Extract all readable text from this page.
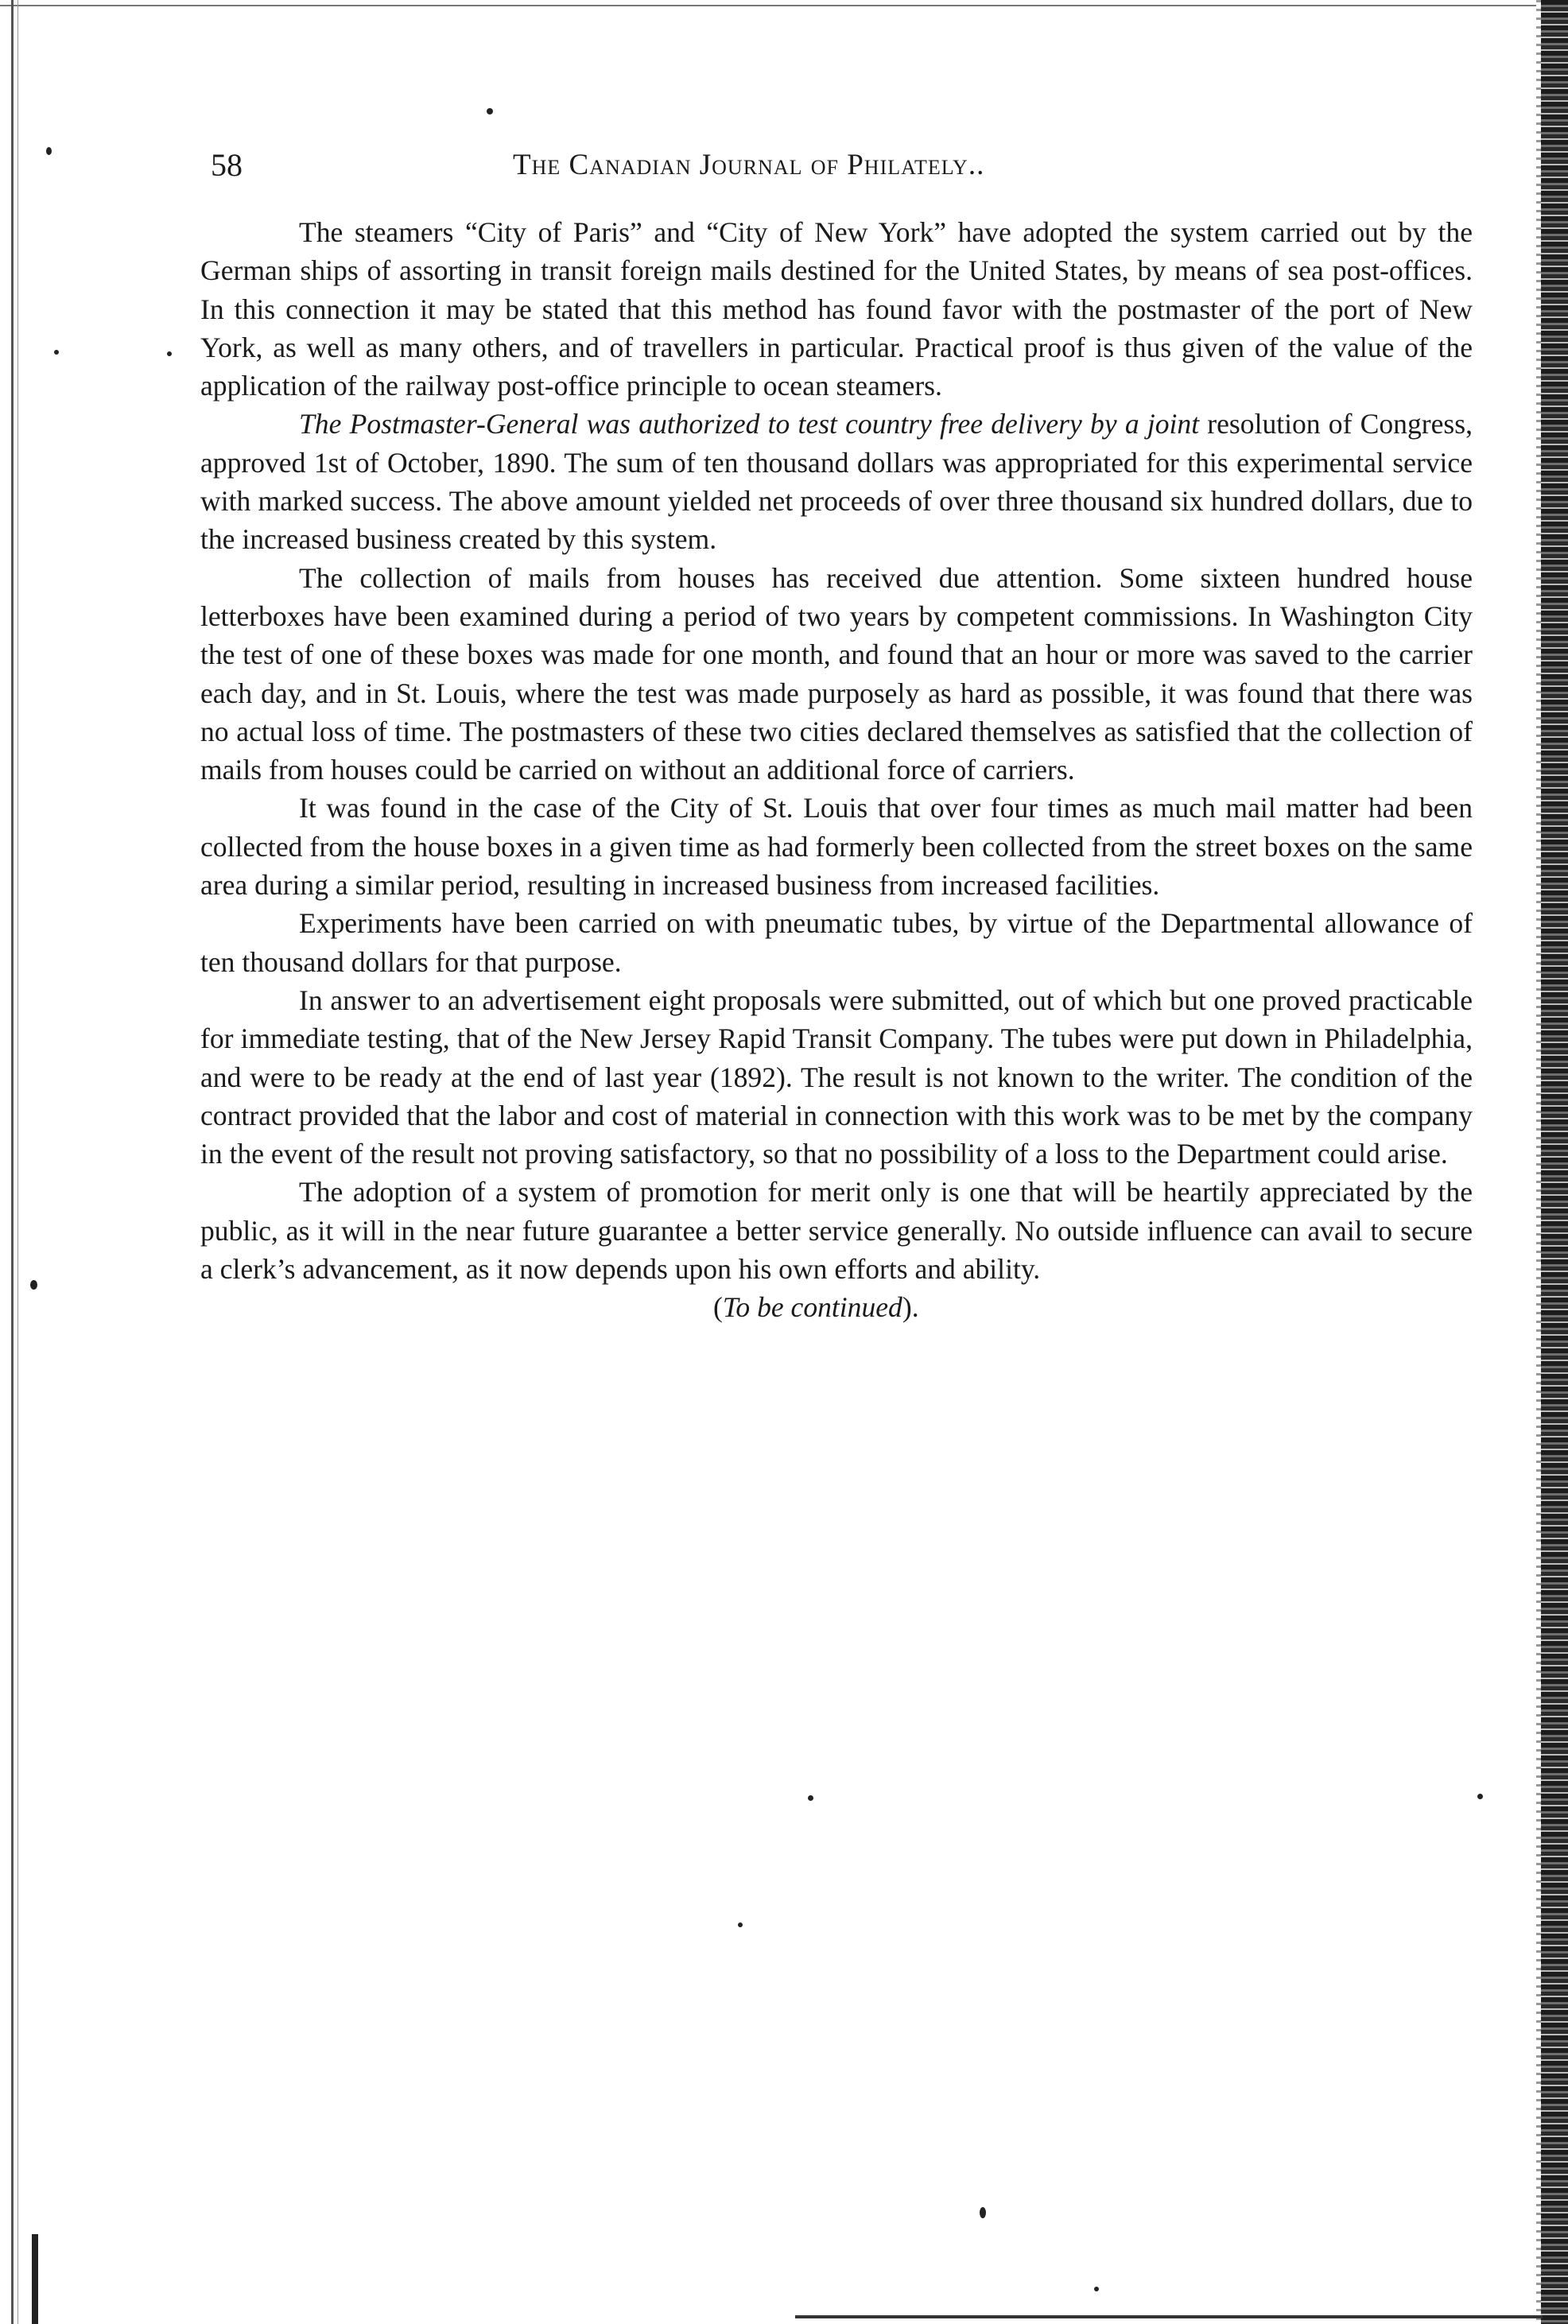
58	The Canadian Journal of Philately..

The steamers “City of Paris” and “City of New York” have adopted the system carried out by the German ships of assorting in transit foreign mails destined for the United States, by means of sea post-offices. In this connection it may be stated that this method has found favor with the postmaster of the port of New York, as well as many others, and of travellers in particular. Practical proof is thus given of the value of the application of the railway post-office principle to ocean steamers.

The Postmaster-General was authorized to test country free delivery by a joint resolution of Congress, approved 1st of October, 1890. The sum of ten thousand dollars was appropriated for this experimental service with marked success. The above amount yielded net proceeds of over three thousand six hundred dollars, due to the increased business created by this system.

The collection of mails from houses has received due attention. Some sixteen hundred house letterboxes have been examined during a period of two years by competent commissions. In Washington City the test of one of these boxes was made for one month, and found that an hour or more was saved to the carrier each day, and in St. Louis, where the test was made purposely as hard as possible, it was found that there was no actual loss of time. The postmasters of these two cities declared themselves as satisfied that the collection of mails from houses could be carried on without an additional force of carriers.

It was found in the case of the City of St. Louis that over four times as much mail matter had been collected from the house boxes in a given time as had formerly been collected from the street boxes on the same area during a similar period, resulting in increased business from increased facilities.

Experiments have been carried on with pneumatic tubes, by virtue of the Departmental allowance of ten thousand dollars for that purpose.

In answer to an advertisement eight proposals were submitted, out of which but one proved practicable for immediate testing, that of the New Jersey Rapid Transit Company. The tubes were put down in Philadelphia, and were to be ready at the end of last year (1892). The result is not known to the writer. The condition of the contract provided that the labor and cost of material in connection with this work was to be met by the company in the event of the result not proving satisfactory, so that no possibility of a loss to the Department could arise.

The adoption of a system of promotion for merit only is one that will be heartily appreciated by the public, as it will in the near future guarantee a better service generally. No outside influence can avail to secure a clerk’s advancement, as it now depends upon his own efforts and ability.

(To be continued).
